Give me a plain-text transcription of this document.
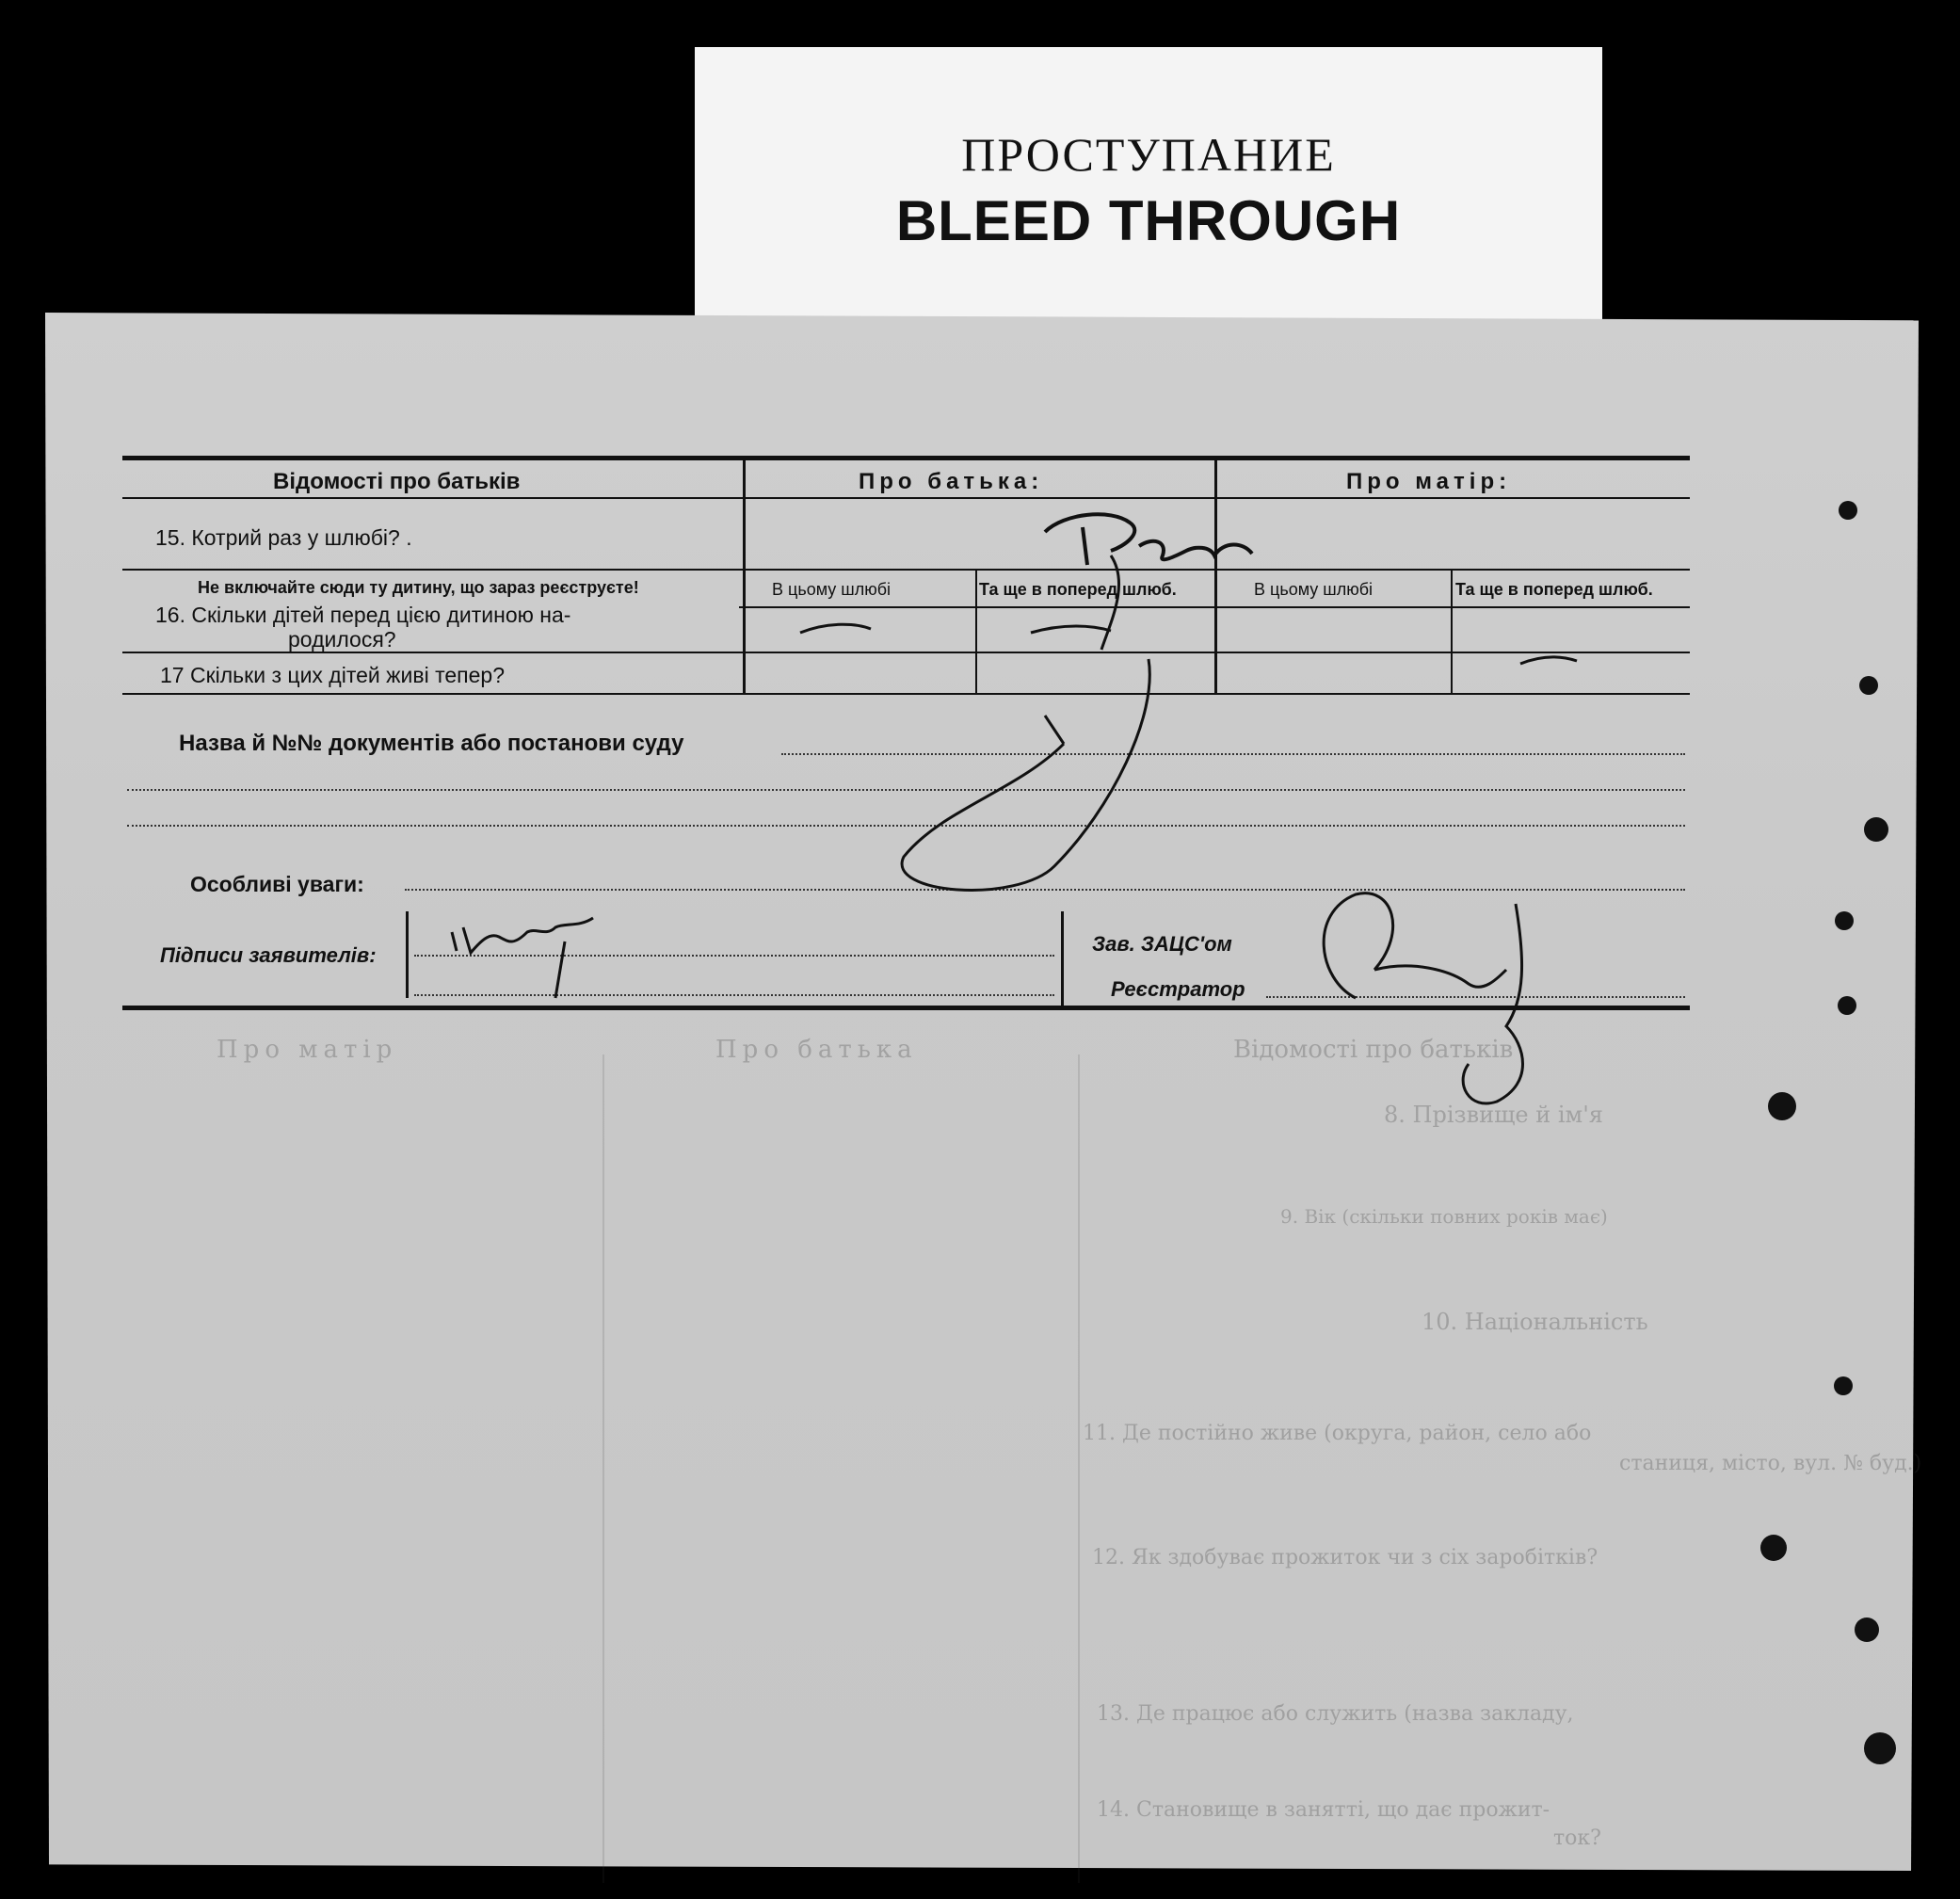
ПРОСТУПАНИЕ
BLEED THROUGH
Про матір	Про батька	Відомості про батьків
8. Прізвище й ім'я
9. Вік (скільки повних років має)
10. Національність
11. Де постійно живе (округа, район, село або
станиця, місто, вул. № буд.)
12. Як здобуває прожиток чи з сіх заробітків?
13. Де працює або служить (назва закладу,
14. Становище в занятті, що дає прожит-
ток?
Відомості про батьків	Про батька:	Про матір:
15. Котрий раз у шлюбі? .
Не включайте сюди ту дитину, що зараз реєструєте!
16. Скільки дітей перед цією дитиною на-
родилося?
В цьому шлюбі	Та ще в поперед шлюб.	В цьому шлюбі	Та ще в поперед шлюб.
17 Скільки з цих дітей живі тепер?
Назва й №№ документів або постанови суду
Особливі уваги:
Підписи заявителів:	Зав. ЗАЦС'ом
Реєстратор
